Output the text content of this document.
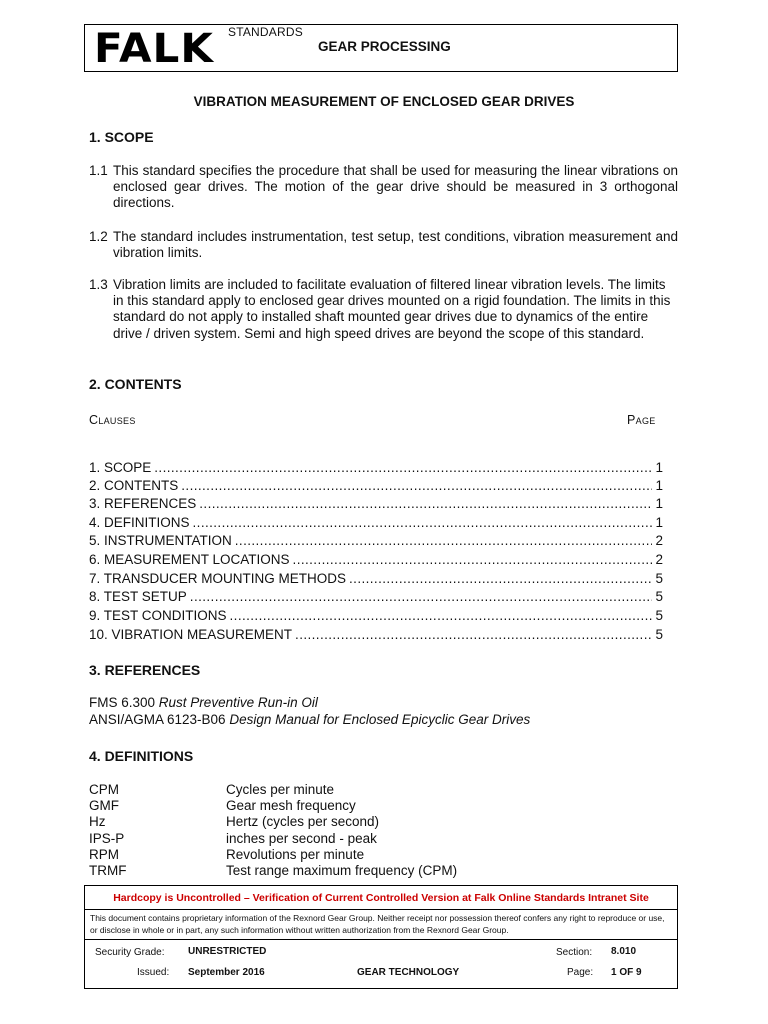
FALK STANDARDS
GEAR PROCESSING
VIBRATION MEASUREMENT OF ENCLOSED GEAR DRIVES
1. SCOPE
1.1 This standard specifies the procedure that shall be used for measuring the linear vibrations on enclosed gear drives. The motion of the gear drive should be measured in 3 orthogonal directions.
1.2 The standard includes instrumentation, test setup, test conditions, vibration measurement and vibration limits.
1.3 Vibration limits are included to facilitate evaluation of filtered linear vibration levels. The limits in this standard apply to enclosed gear drives mounted on a rigid foundation. The limits in this standard do not apply to installed shaft mounted gear drives due to dynamics of the entire drive / driven system. Semi and high speed drives are beyond the scope of this standard.
2. CONTENTS
Clauses	Page
1. SCOPE .....	1
2. CONTENTS .....	1
3. REFERENCES .....	1
4. DEFINITIONS .....	1
5. INSTRUMENTATION .....	2
6. MEASUREMENT LOCATIONS .....	2
7. TRANSDUCER MOUNTING METHODS .....	5
8. TEST SETUP .....	5
9. TEST CONDITIONS .....	5
10. VIBRATION MEASUREMENT .....	5
3. REFERENCES
FMS 6.300 Rust Preventive Run-in Oil
ANSI/AGMA 6123-B06 Design Manual for Enclosed Epicyclic Gear Drives
4. DEFINITIONS
CPM	Cycles per minute
GMF	Gear mesh frequency
Hz	Hertz (cycles per second)
IPS-P	inches per second - peak
RPM	Revolutions per minute
TRMF	Test range maximum frequency (CPM)
Hardcopy is Uncontrolled – Verification of Current Controlled Version at Falk Online Standards Intranet Site
This document contains proprietary information of the Rexnord Gear Group. Neither receipt nor possession thereof confers any right to reproduce or use, or disclose in whole or in part, any such information without written authorization from the Rexnord Gear Group.
Security Grade: UNRESTRICTED	Section: 8.010
Issued: September 2016	GEAR TECHNOLOGY	Page: 1 OF 9
